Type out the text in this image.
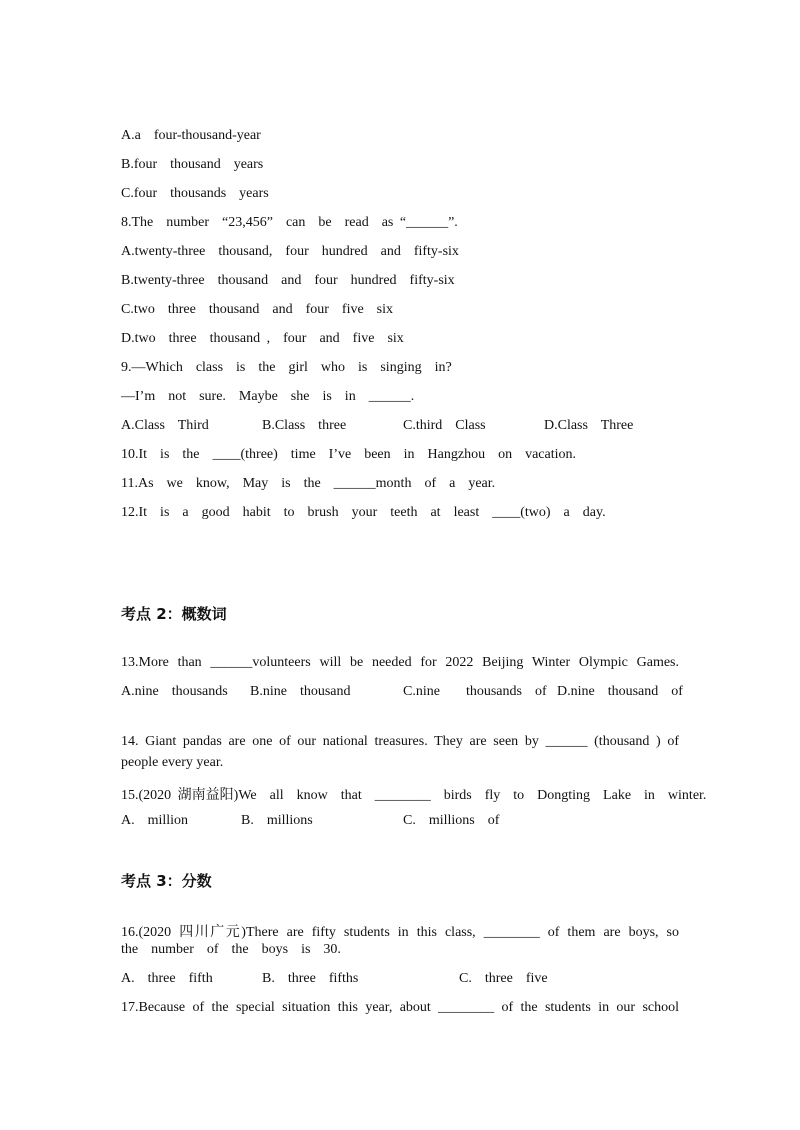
A.a  four-thousand-year
B.four  thousand  years
C.four  thousands  years
8.The  number  “23,456”  can  be  read  as “______”.
A.twenty-three  thousand,  four  hundred  and  fifty-six
B.twenty-three  thousand  and  four  hundred  fifty-six
C.two  three  thousand  and  four  five  six
D.two  three  thousand ,  four  and  five  six
9.—Which  class  is  the  girl  who  is  singing  in?
—I’m  not  sure.  Maybe  she  is  in  ______.
A.Class  Third	B.Class  three	C.third  Class	D.Class  Three
10.It  is  the  ____(three)  time  I’ve  been  in  Hangzhou  on  vacation.
11.As  we  know,  May  is  the  ______month  of  a  year.
12.It  is  a  good  habit  to  brush  your  teeth  at  least  ____(two)  a  day.
考点 2：概数词
13.More than ______volunteers will be needed for 2022 Beijing Winter Olympic Games.
A.nine  thousands B.nine  thousand	C.nine    thousands  of D.nine  thousand  of
14. Giant pandas are one of our national treasures. They are seen by ______ (thousand ) of
people every year.
15.(2020 湖南益阳)We  all  know  that  ________  birds  fly  to  Dongting  Lake  in  winter.
A.  million	B.  millions	C.  millions  of
考点 3：分数
16.(2020 四川广元)There are fifty students in this class, ________ of them are boys, so
the  number  of  the  boys  is  30.
A.  three  fifth	B.  three  fifths	C.  three  five
17.Because of the special situation this year, about ________ of the students in our school
